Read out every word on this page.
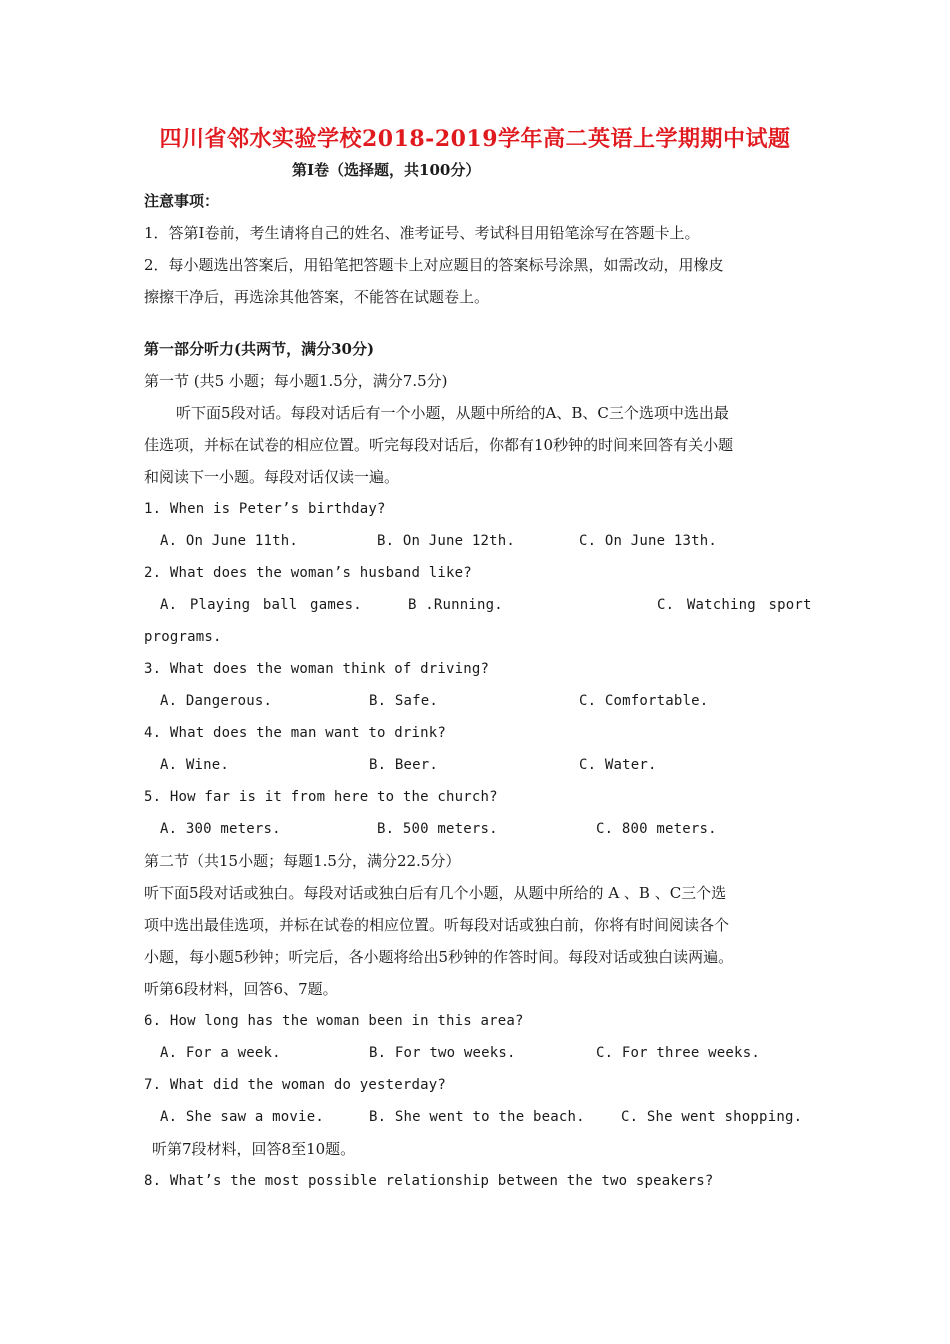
四川省邻水实验学校2018-2019学年高二英语上学期期中试题
第I卷（选择题，共100分）
注意事项：
1．答第Ⅰ卷前，考生请将自己的姓名、准考证号、考试科目用铅笔涂写在答题卡上。
2．每小题选出答案后，用铅笔把答题卡上对应题目的答案标号涂黑，如需改动，用橡皮
擦擦干净后，再选涂其他答案，不能答在试题卷上。
第一部分听力(共两节，满分30分)
第一节 (共5 小题；每小题1.5分，满分7.5分)
听下面5段对话。每段对话后有一个小题，从题中所给的A、B、C三个选项中选出最
佳选项，并标在试卷的相应位置。听完每段对话后，你都有10秒钟的时间来回答有关小题
和阅读下一小题。每段对话仅读一遍。
1. When is Peter’s birthday?
A. On June 11th.	B. On June 12th.	C. On June 13th.
2. What does the woman’s husband like?
A. Playing ball games.	B .Running.	C. Watching sport
programs.
3. What does the woman think of driving?
A. Dangerous.	B. Safe.	C. Comfortable.
4. What does the man want to drink?
A. Wine.	B. Beer.	C. Water.
5. How far is it from here to the church?
A. 300 meters.	B. 500 meters.	C. 800 meters.
第二节（共15小题；每题1.5分，满分22.5分）
听下面5段对话或独白。每段对话或独白后有几个小题，从题中所给的 A 、B 、C三个选
项中选出最佳选项，并标在试卷的相应位置。听每段对话或独白前，你将有时间阅读各个
小题，每小题5秒钟；听完后，各小题将给出5秒钟的作答时间。每段对话或独白读两遍。
听第6段材料，回答6、7题。
6. How long has the woman been in this area?
A. For a week.	B. For two weeks.	C. For three weeks.
7. What did the woman do yesterday?
A. She saw a movie.	B. She went to the beach.	C. She went shopping.
听第7段材料，回答8至10题。
8. What’s the most possible relationship between the two speakers?
